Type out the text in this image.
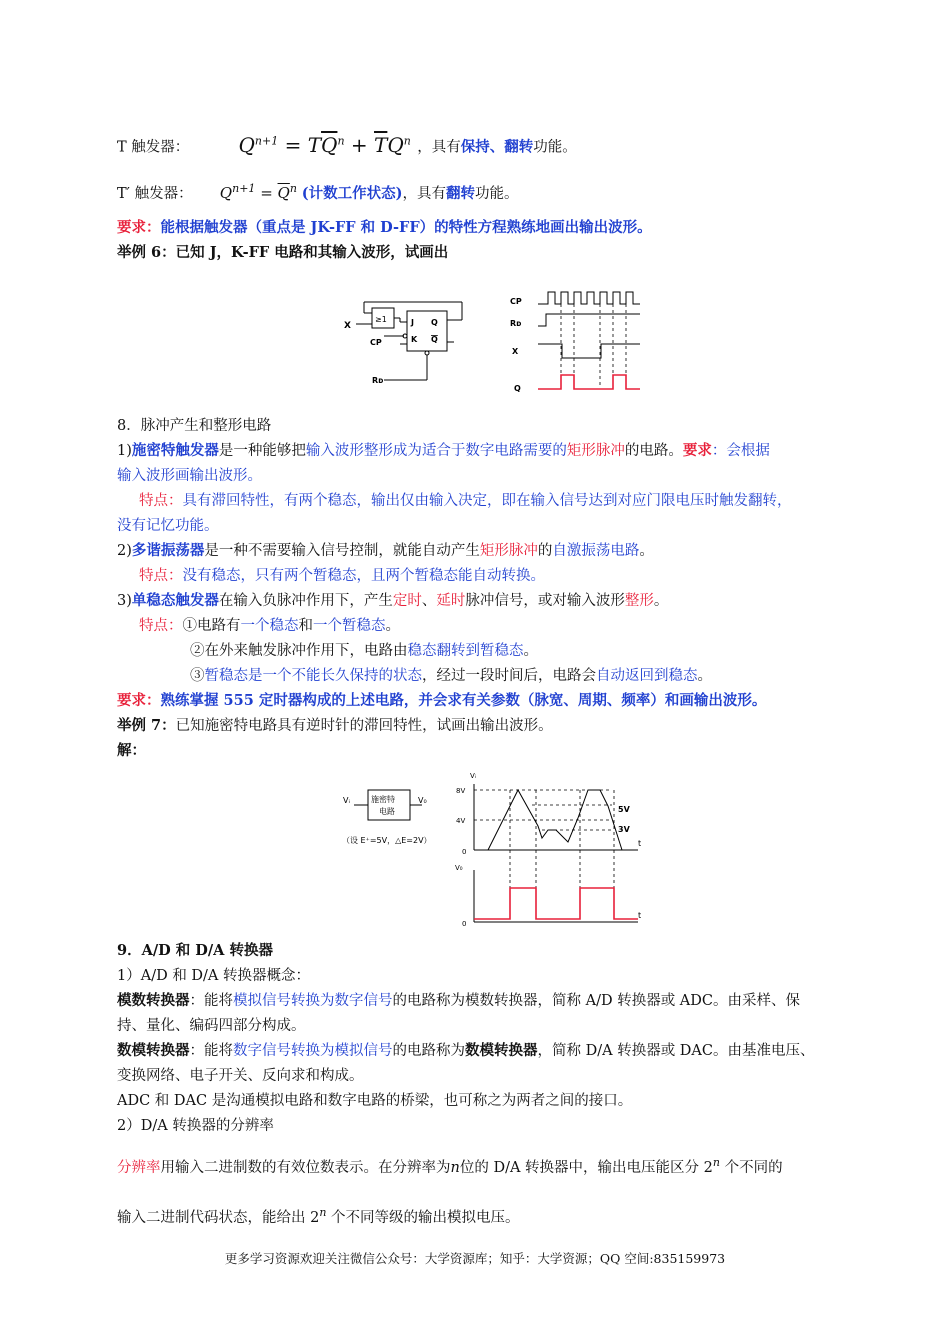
T 触发器： $Q^{n+1} = T\overline{Q}^n + \overline{T}Q^n$ ，具有保持、翻转功能。
T′ 触发器： $Q^{n+1} = \overline{Q}^n$ (计数工作状态)，具有翻转功能。
要求：能根据触发器（重点是 JK-FF 和 D-FF）的特性方程熟练地画出输出波形。
举例 6：已知 J，K-FF 电路和其输入波形，试画出
X
CP
Rᴅ
≥1	J
K
Q
Q
CP
Rᴅ
X
Q
8．脉冲产生和整形电路
1)施密特触发器是一种能够把输入波形整形成为适合于数字电路需要的矩形脉冲的电路。要求：会根据
输入波形画输出波形。
特点：具有滞回特性，有两个稳态，输出仅由输入决定，即在输入信号达到对应门限电压时触发翻转，
没有记忆功能。
2)多谐振荡器是一种不需要输入信号控制，就能自动产生矩形脉冲的自激振荡电路。
特点：没有稳态，只有两个暂稳态，且两个暂稳态能自动转换。
3)单稳态触发器在输入负脉冲作用下，产生定时、延时脉冲信号，或对输入波形整形。
特点：①电路有一个稳态和一个暂稳态。
②在外来触发脉冲作用下，电路由稳态翻转到暂稳态。
③暂稳态是一个不能长久保持的状态，经过一段时间后，电路会自动返回到稳态。
要求：熟练掌握 555 定时器构成的上述电路，并会求有关参数（脉宽、周期、频率）和画输出波形。
举例 7：已知施密特电路具有逆时针的滞回特性，试画出输出波形。
解：
施密特
电路
Vᵢ	V₀
（设 E⁺=5V，△E=2V）
Vᵢ
8V
4V
0
t
5V
3V
V₀
0
t
9．A/D 和 D/A 转换器
1）A/D 和 D/A 转换器概念：
模数转换器：能将模拟信号转换为数字信号的电路称为模数转换器，简称 A/D 转换器或 ADC。由采样、保
持、量化、编码四部分构成。
数模转换器：能将数字信号转换为模拟信号的电路称为数模转换器，简称 D/A 转换器或 DAC。由基准电压、
变换网络、电子开关、反向求和构成。
ADC 和 DAC 是沟通模拟电路和数字电路的桥梁，也可称之为两者之间的接口。
2）D/A 转换器的分辨率
分辨率用输入二进制数的有效位数表示。在分辨率为n位的 D/A 转换器中，输出电压能区分 2$^n$ 个不同的
输入二进制代码状态，能给出 2$^n$ 个不同等级的输出模拟电压。
更多学习资源欢迎关注微信公众号：大学资源库；知乎：大学资源；QQ 空间:835159973
